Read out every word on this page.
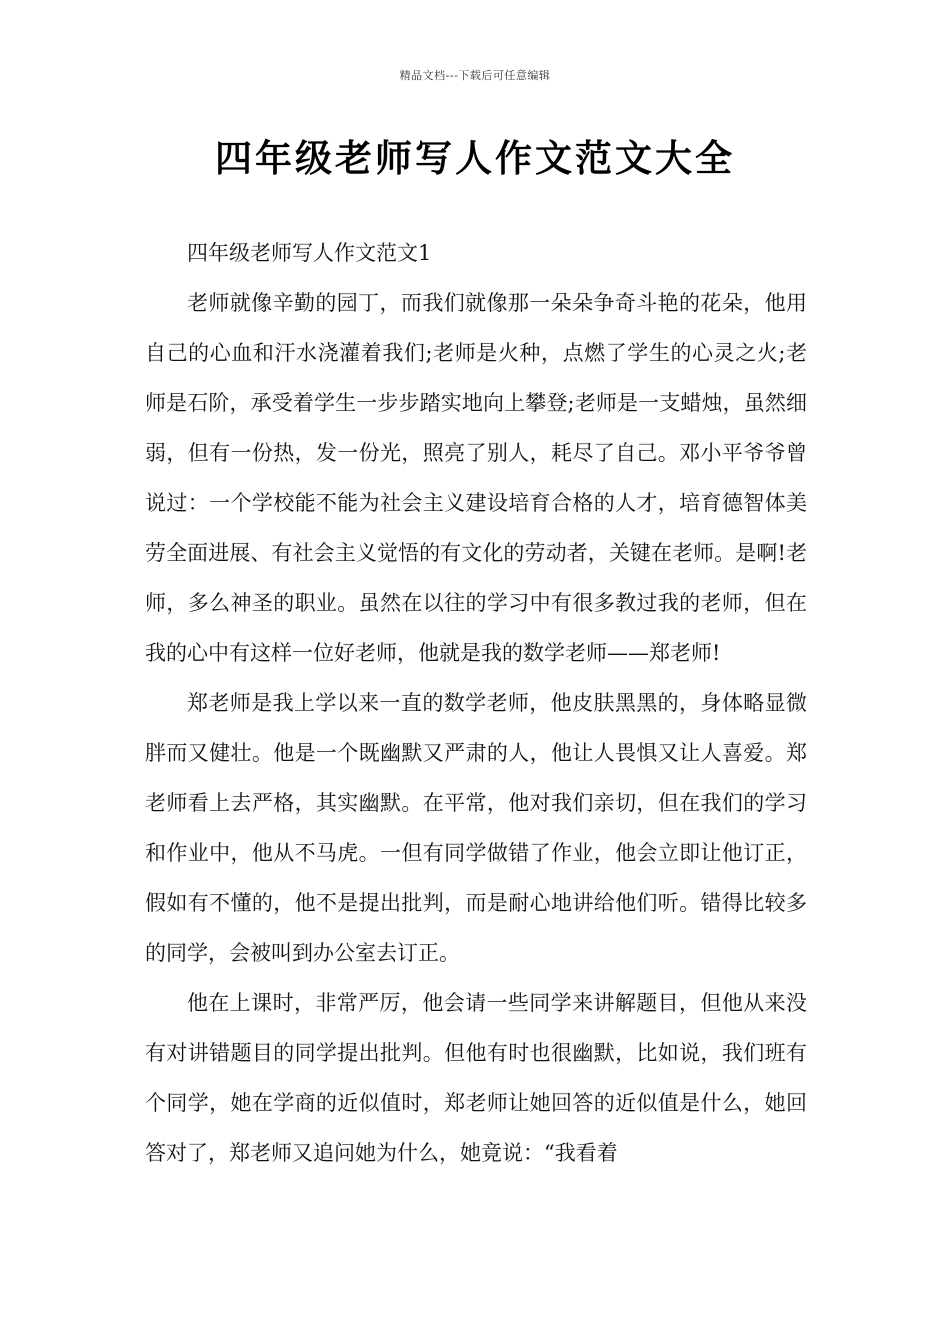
精品文档---下载后可任意编辑
四年级老师写人作文范文大全

四年级老师写人作文范文1

老师就像辛勤的园丁，而我们就像那一朵朵争奇斗艳的花朵，他用自己的心血和汗水浇灌着我们;老师是火种，点燃了学生的心灵之火;老师是石阶，承受着学生一步步踏实地向上攀登;老师是一支蜡烛，虽然细弱，但有一份热，发一份光，照亮了别人，耗尽了自己。邓小平爷爷曾说过：一个学校能不能为社会主义建设培育合格的人才，培育德智体美劳全面进展、有社会主义觉悟的有文化的劳动者，关键在老师。是啊!老师，多么神圣的职业。虽然在以往的学习中有很多教过我的老师，但在我的心中有这样一位好老师，他就是我的数学老师——郑老师!

郑老师是我上学以来一直的数学老师，他皮肤黑黑的，身体略显微胖而又健壮。他是一个既幽默又严肃的人，他让人畏惧又让人喜爱。郑老师看上去严格，其实幽默。在平常，他对我们亲切，但在我们的学习和作业中，他从不马虎。一但有同学做错了作业，他会立即让他订正，假如有不懂的，他不是提出批判，而是耐心地讲给他们听。错得比较多的同学，会被叫到办公室去订正。

他在上课时，非常严厉，他会请一些同学来讲解题目，但他从来没有对讲错题目的同学提出批判。但他有时也很幽默，比如说，我们班有个同学，她在学商的近似值时，郑老师让她回答的近似值是什么，她回答对了，郑老师又追问她为什么，她竟说：“我看着
